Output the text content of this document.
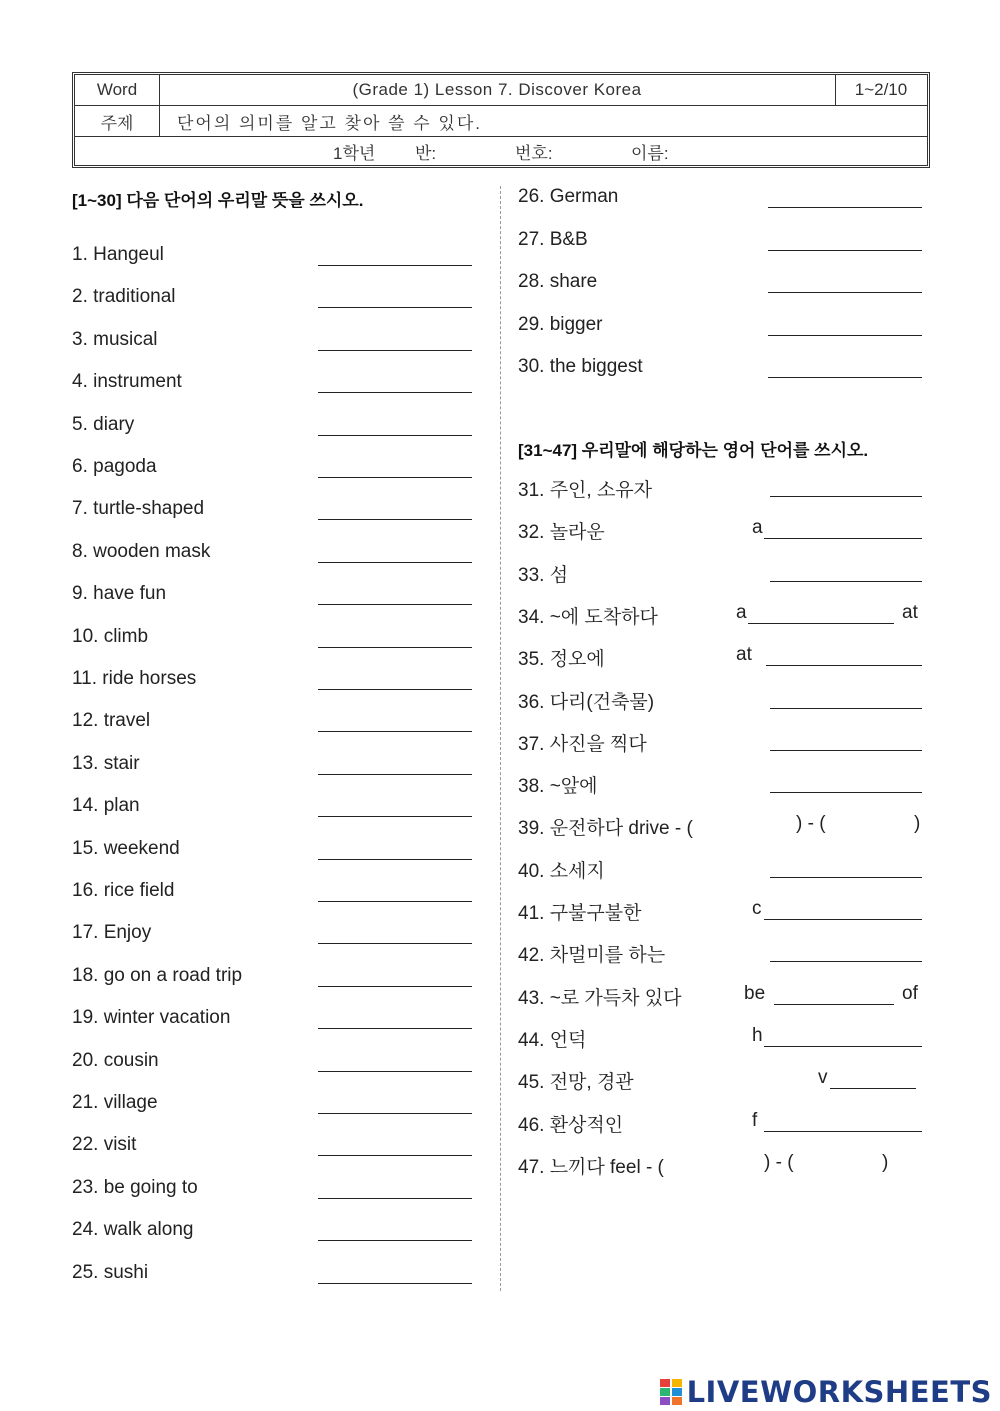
Word	(Grade 1) Lesson 7. Discover Korea	1~2/10
주제	단어의 의미를 알고 찾아 쓸 수 있다.
1학년 반:	번호:	이름:
[1~30] 다음 단어의 우리말 뜻을 쓰시오.
1. Hangeul
2. traditional
3. musical
4. instrument
5. diary
6. pagoda
7. turtle-shaped
8. wooden mask
9. have fun
10. climb
11. ride horses
12. travel
13. stair
14. plan
15. weekend
16. rice field
17. Enjoy
18. go on a road trip
19. winter vacation
20. cousin
21. village
22. visit
23. be going to
24. walk along
25. sushi
26. German
27. B&B
28. share
29. bigger
30. the biggest
[31~47] 우리말에 해당하는 영어 단어를 쓰시오.
31. 주인, 소유자
32. 놀라운	a
33. 섬
34. ~에 도착하다	a	at
35. 정오에	at
36. 다리(건축물)
37. 사진을 찍다
38. ~앞에
39. 운전하다 drive - (	) - (	)
40. 소세지
41. 구불구불한	c
42. 차멀미를 하는
43. ~로 가득차 있다	be	of
44. 언덕	h
45. 전망, 경관	v
46. 환상적인	f
47. 느끼다 feel - (	) - (	)
LIVEWORKSHEETS
